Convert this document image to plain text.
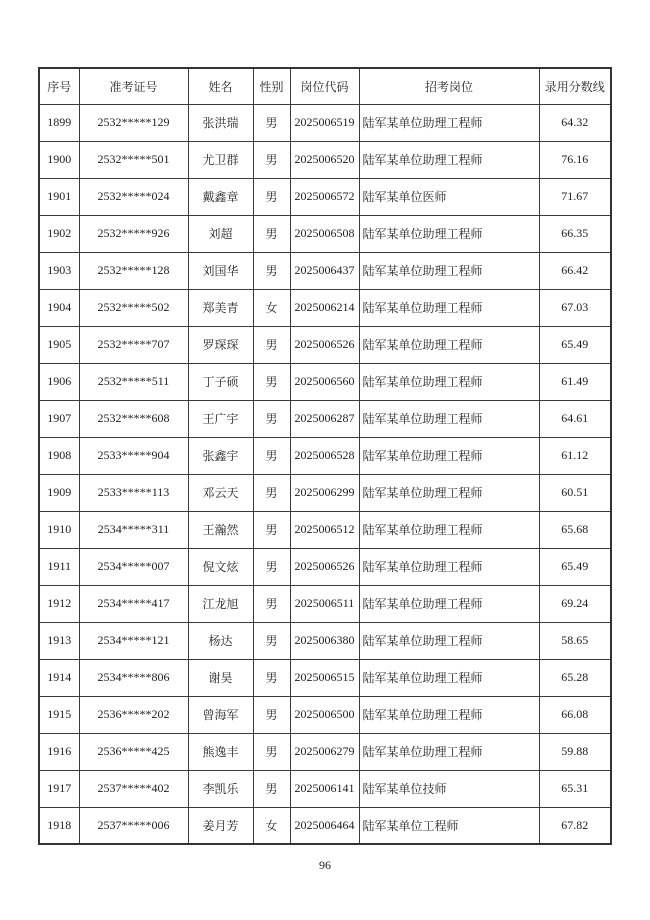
序号	准考证号	姓名	性别	岗位代码	招考岗位	录用分数线
1899	2532*****129	张洪瑞	男	2025006519	陆军某单位助理工程师	64.32
1900	2532*****501	尤卫群	男	2025006520	陆军某单位助理工程师	76.16
1901	2532*****024	戴鑫章	男	2025006572	陆军某单位医师	71.67
1902	2532*****926	刘超	男	2025006508	陆军某单位助理工程师	66.35
1903	2532*****128	刘国华	男	2025006437	陆军某单位助理工程师	66.42
1904	2532*****502	郑美青	女	2025006214	陆军某单位助理工程师	67.03
1905	2532*****707	罗琛琛	男	2025006526	陆军某单位助理工程师	65.49
1906	2532*****511	丁子硕	男	2025006560	陆军某单位助理工程师	61.49
1907	2532*****608	王广宇	男	2025006287	陆军某单位助理工程师	64.61
1908	2533*****904	张鑫宇	男	2025006528	陆军某单位助理工程师	61.12
1909	2533*****113	邓云天	男	2025006299	陆军某单位助理工程师	60.51
1910	2534*****311	王瀚然	男	2025006512	陆军某单位助理工程师	65.68
1911	2534*****007	倪文炫	男	2025006526	陆军某单位助理工程师	65.49
1912	2534*****417	江龙旭	男	2025006511	陆军某单位助理工程师	69.24
1913	2534*****121	杨达	男	2025006380	陆军某单位助理工程师	58.65
1914	2534*****806	谢昊	男	2025006515	陆军某单位助理工程师	65.28
1915	2536*****202	曾海军	男	2025006500	陆军某单位助理工程师	66.08
1916	2536*****425	熊逸丰	男	2025006279	陆军某单位助理工程师	59.88
1917	2537*****402	李凯乐	男	2025006141	陆军某单位技师	65.31
1918	2537*****006	姜月芳	女	2025006464	陆军某单位工程师	67.82
96
